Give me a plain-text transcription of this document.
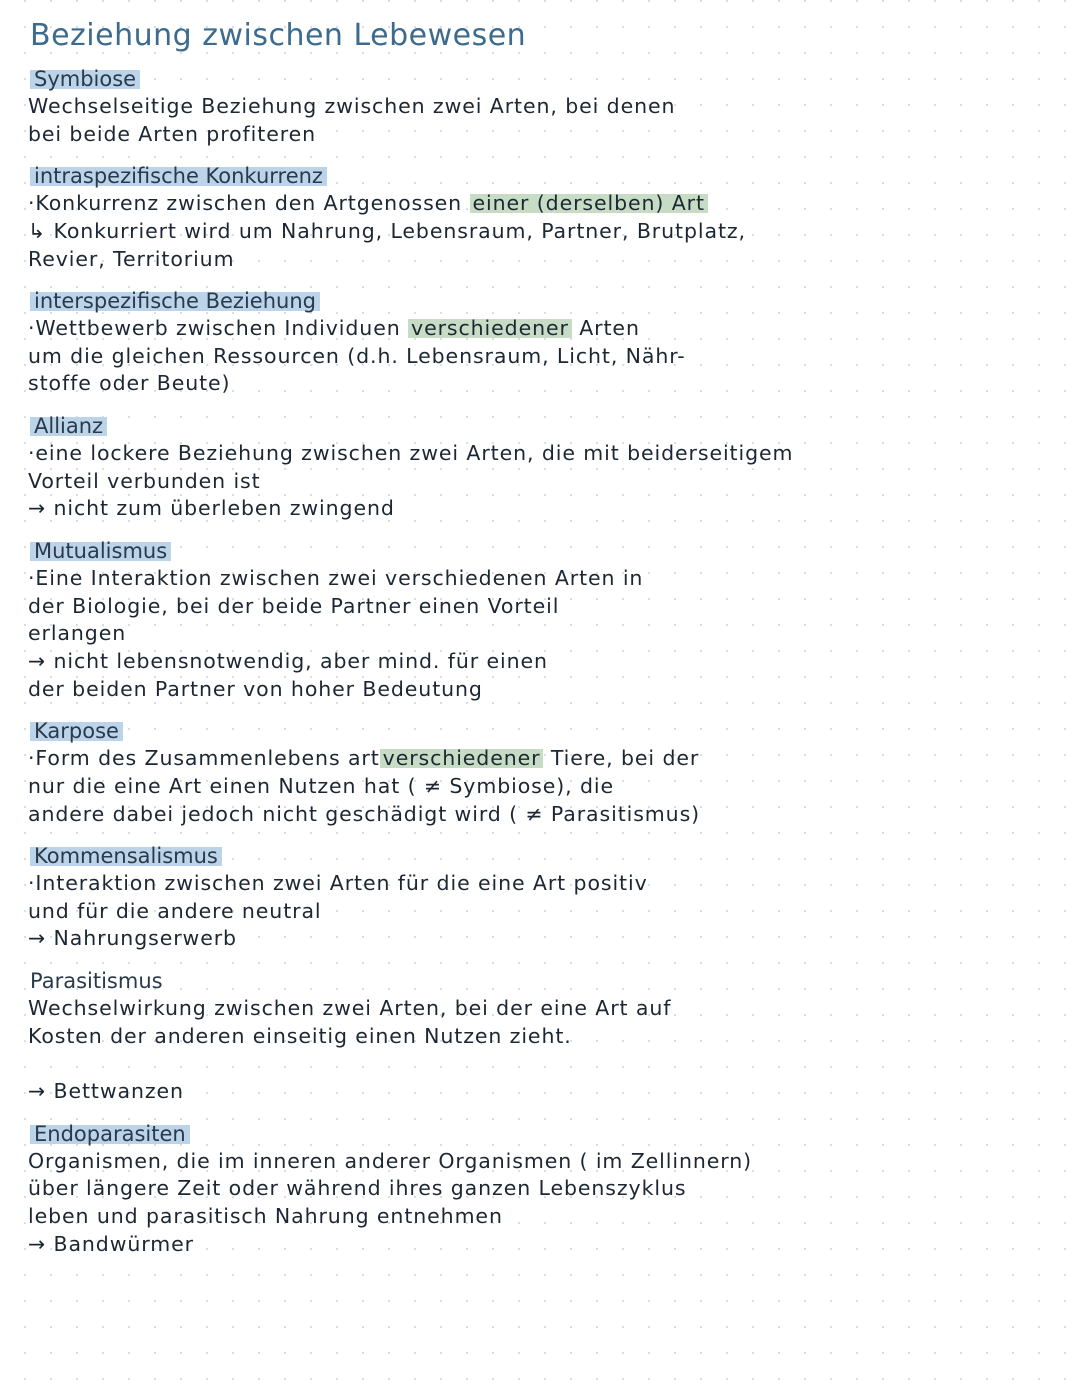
Beziehung zwischen Lebewesen
Symbiose
Wechselseitige Beziehung zwischen zwei Arten, bei denen
bei beide Arten profiteren
intraspezifische Konkurrenz
·Konkurrenz zwischen den Artgenossen einer (derselben) Art
↳ Konkurriert wird um Nahrung, Lebensraum, Partner, Brutplatz,
Revier, Territorium
interspezifische Beziehung
·Wettbewerb zwischen Individuen verschiedener Arten
um die gleichen Ressourcen (d.h. Lebensraum, Licht, Nähr-
stoffe oder Beute)
Allianz
·eine lockere Beziehung zwischen zwei Arten, die mit beiderseitigem
Vorteil verbunden ist
→ nicht zum überleben zwingend
Mutualismus
·Eine Interaktion zwischen zwei verschiedenen Arten in
der Biologie, bei der beide Partner einen Vorteil
erlangen
→ nicht lebensnotwendig, aber mind. für einen
der beiden Partner von hoher Bedeutung
Karpose
·Form des Zusammenlebens art verschiedener Tiere, bei der
nur die eine Art einen Nutzen hat ( ≠ Symbiose), die
andere dabei jedoch nicht geschädigt wird ( ≠ Parasitismus)
Kommensalismus
·Interaktion zwischen zwei Arten für die eine Art positiv
und für die andere neutral
→ Nahrungserwerb
Parasitismus
Wechselwirkung zwischen zwei Arten, bei der eine Art auf
Kosten der anderen einseitig einen Nutzen zieht.

→ Bettwanzen
Endoparasiten
Organismen, die im inneren anderer Organismen ( im Zellinnern)
über längere Zeit oder während ihres ganzen Lebenszyklus
leben und parasitisch Nahrung entnehmen
→ Bandwürmer
